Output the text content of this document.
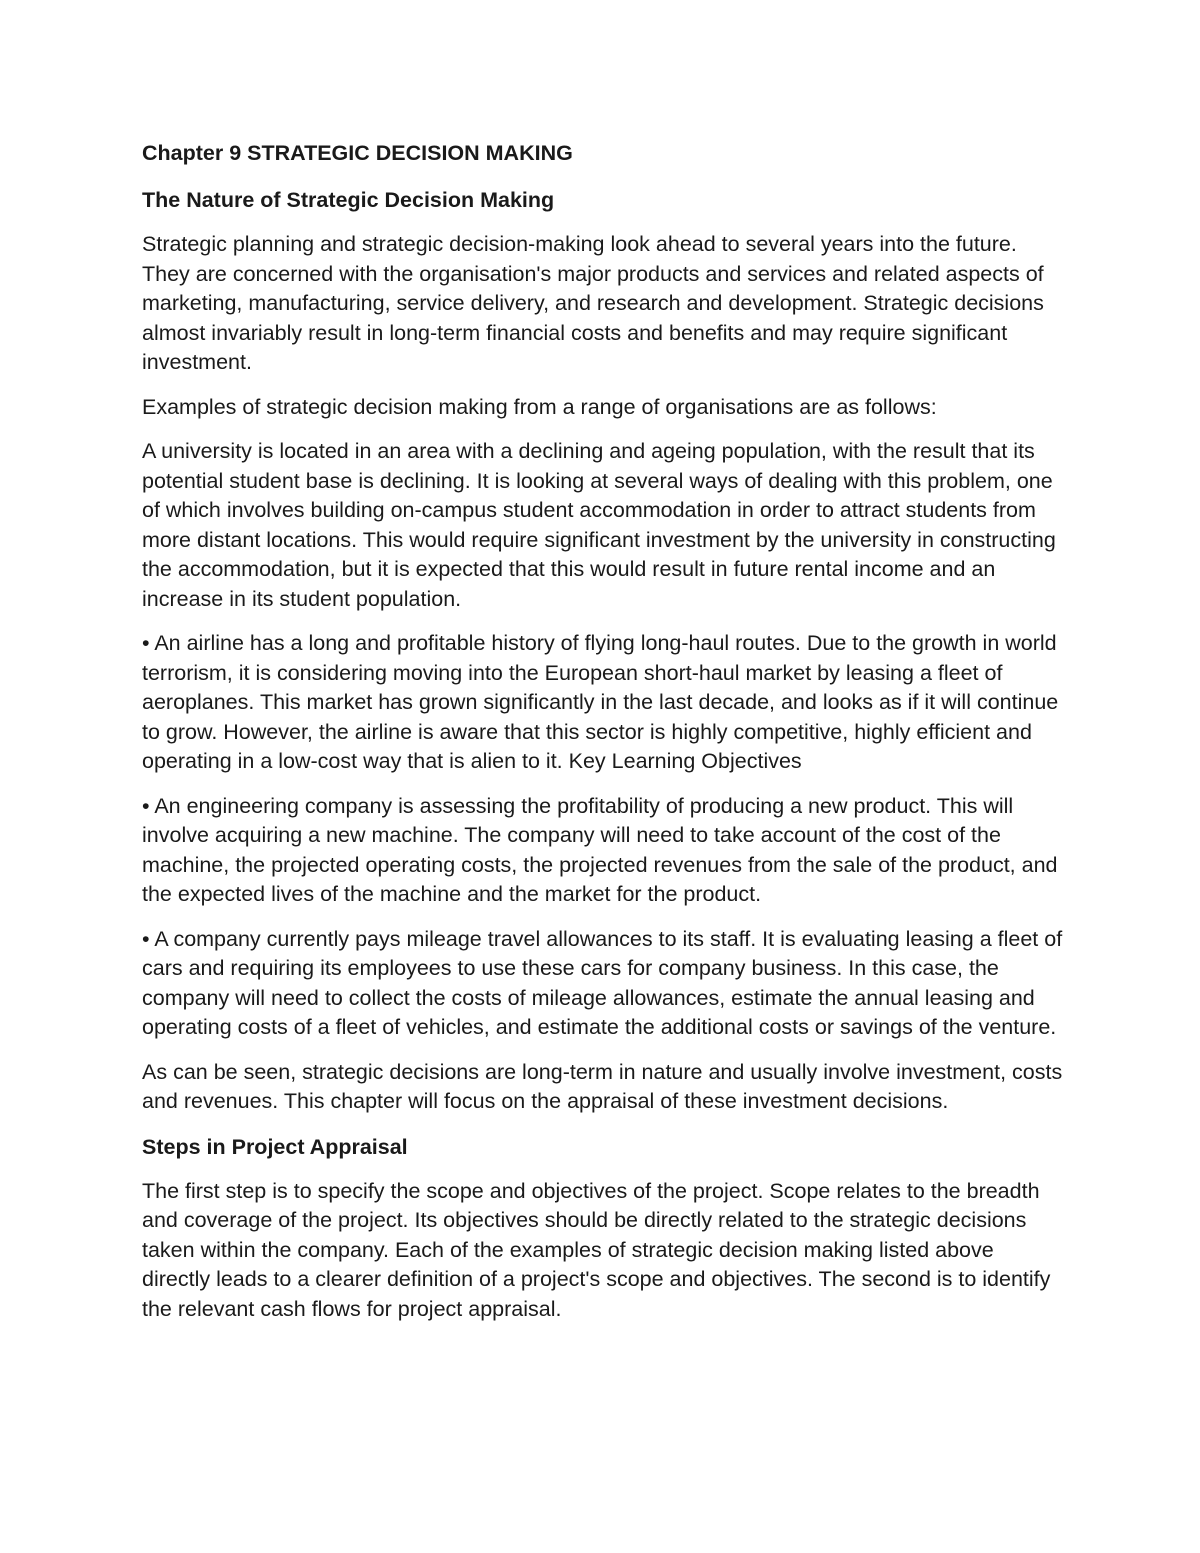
Chapter 9 STRATEGIC DECISION MAKING
The Nature of Strategic Decision Making

Strategic planning and strategic decision-making look ahead to several years into the future. They are concerned with the organisation's major products and services and related aspects of marketing, manufacturing, service delivery, and research and development. Strategic decisions almost invariably result in long-term financial costs and benefits and may require significant investment.

Examples of strategic decision making from a range of organisations are as follows:

A university is located in an area with a declining and ageing population, with the result that its potential student base is declining. It is looking at several ways of dealing with this problem, one of which involves building on-campus student accommodation in order to attract students from more distant locations. This would require significant investment by the university in constructing the accommodation, but it is expected that this would result in future rental income and an increase in its student population.

• An airline has a long and profitable history of flying long-haul routes. Due to the growth in world terrorism, it is considering moving into the European short-haul market by leasing a fleet of aeroplanes. This market has grown significantly in the last decade, and looks as if it will continue to grow. However, the airline is aware that this sector is highly competitive, highly efficient and operating in a low-cost way that is alien to it. Key Learning Objectives

• An engineering company is assessing the profitability of producing a new product. This will involve acquiring a new machine. The company will need to take account of the cost of the machine, the projected operating costs, the projected revenues from the sale of the product, and the expected lives of the machine and the market for the product.

• A company currently pays mileage travel allowances to its staff. It is evaluating leasing a fleet of cars and requiring its employees to use these cars for company business. In this case, the company will need to collect the costs of mileage allowances, estimate the annual leasing and operating costs of a fleet of vehicles, and estimate the additional costs or savings of the venture.

As can be seen, strategic decisions are long-term in nature and usually involve investment, costs and revenues. This chapter will focus on the appraisal of these investment decisions.

Steps in Project Appraisal

The first step is to specify the scope and objectives of the project. Scope relates to the breadth and coverage of the project. Its objectives should be directly related to the strategic decisions taken within the company. Each of the examples of strategic decision making listed above directly leads to a clearer definition of a project's scope and objectives. The second is to identify the relevant cash flows for project appraisal.
